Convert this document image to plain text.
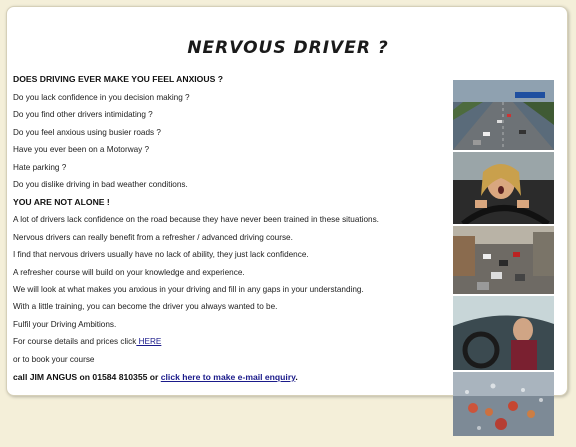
NERVOUS DRIVER ?
DOES DRIVING EVER MAKE YOU FEEL ANXIOUS ?
Do you lack confidence in you decision making ?
Do you find other drivers intimidating ?
Do you feel anxious using busier roads ?
Have you ever been on a Motorway ?
Hate parking ?
Do you dislike driving in bad weather conditions.
YOU ARE NOT ALONE !
A lot of drivers lack confidence on the road because they have never been trained in these situations.
Nervous drivers can really benefit from a refresher / advanced driving course.
I find that nervous drivers usually have no lack of ability, they just lack confidence.
A refresher course will build on your knowledge and experience.
We will look at what makes you anxious in your driving and fill in any gaps in your understanding.
With a little training, you can become the driver you always wanted to be.
Fulfil your Driving Ambitions.
For course details and prices click HERE
or to book your course
call JIM ANGUS on 01584 810355 or click here to make e-mail enquiry.
